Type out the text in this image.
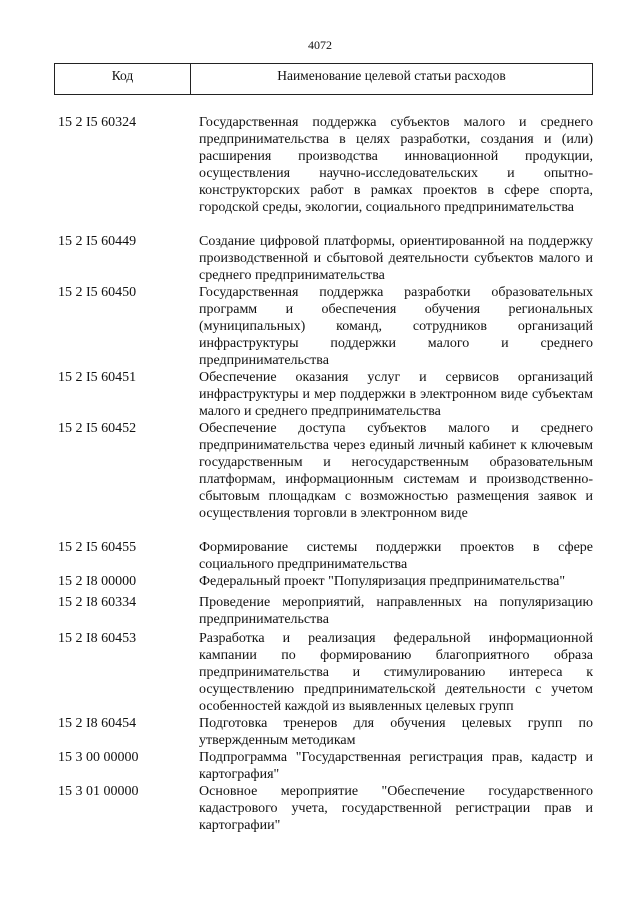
4072
Код	Наименование целевой статьи расходов
15 2 I5 60324	Государственная поддержка субъектов малого и среднего предпринимательства в целях разработки, создания и (или) расширения производства инновационной продукции, осуществления научно-исследовательских и опытно-конструкторских работ в рамках проектов в сфере спорта, городской среды, экологии, социального предпринимательства
15 2 I5 60449	Создание цифровой платформы, ориентированной на поддержку производственной и сбытовой деятельности субъектов малого и среднего предпринимательства
15 2 I5 60450	Государственная поддержка разработки образовательных программ и обеспечения обучения региональных (муниципальных) команд, сотрудников организаций инфраструктуры поддержки малого и среднего предпринимательства
15 2 I5 60451	Обеспечение оказания услуг и сервисов организаций инфраструктуры и мер поддержки в электронном виде субъектам малого и среднего предпринимательства
15 2 I5 60452	Обеспечение доступа субъектов малого и среднего предпринимательства через единый личный кабинет к ключевым государственным и негосударственным образовательным платформам, информационным системам и производственно-сбытовым площадкам с возможностью размещения заявок и осуществления торговли в электронном виде
15 2 I5 60455	Формирование системы поддержки проектов в сфере социального предпринимательства
15 2 I8 00000	Федеральный проект "Популяризация предпринимательства"
15 2 I8 60334	Проведение мероприятий, направленных на популяризацию предпринимательства
15 2 I8 60453	Разработка и реализация федеральной информационной кампании по формированию благоприятного образа предпринимательства и стимулированию интереса к осуществлению предпринимательской деятельности с учетом особенностей каждой из выявленных целевых групп
15 2 I8 60454	Подготовка тренеров для обучения целевых групп по утвержденным методикам
15 3 00 00000	Подпрограмма "Государственная регистрация прав, кадастр и картография"
15 3 01 00000	Основное мероприятие "Обеспечение государственного кадастрового учета, государственной регистрации прав и картографии"
